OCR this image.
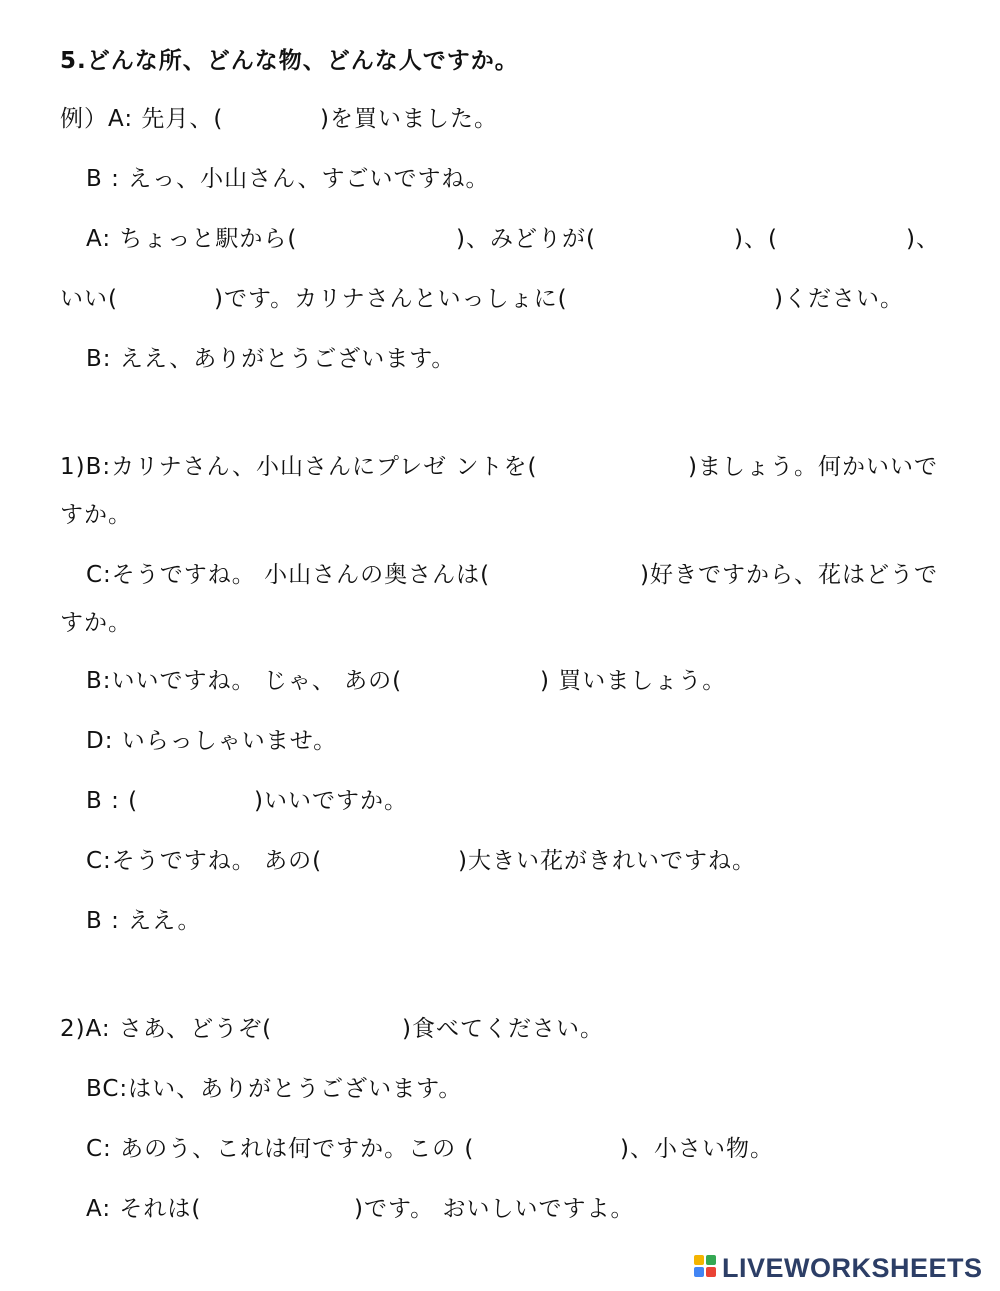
5.どんな所、どんな物、どんな人ですか。
例）A: 先月、(	)を買いました。
B : えっ、小山さん、すごいですね。
A: ちょっと駅から(	)、みどりが(	)、(	)、
いい(	)です。カリナさんといっしょに(	)ください。
B: ええ、ありがとうございます。
1)B:カリナさん、小山さんにプレゼ ントを(	)ましょう。何かいいで
すか。
C:そうですね。 小山さんの奥さんは(	)好きですから、花はどうで
すか。
B:いいですね。 じゃ、 あの(	) 買いましょう。
D: いらっしゃいませ。
B : (	)いいですか。
C:そうですね。 あの(	)大きい花がきれいですね。
B : ええ。
2)A: さあ、どうぞ(	)食べてください。
BC:はい、ありがとうございます。
C: あのう、これは何ですか。この (	)、小さい物。
A: それは(	)です。 おいしいですよ。
LIVEWORKSHEETS
